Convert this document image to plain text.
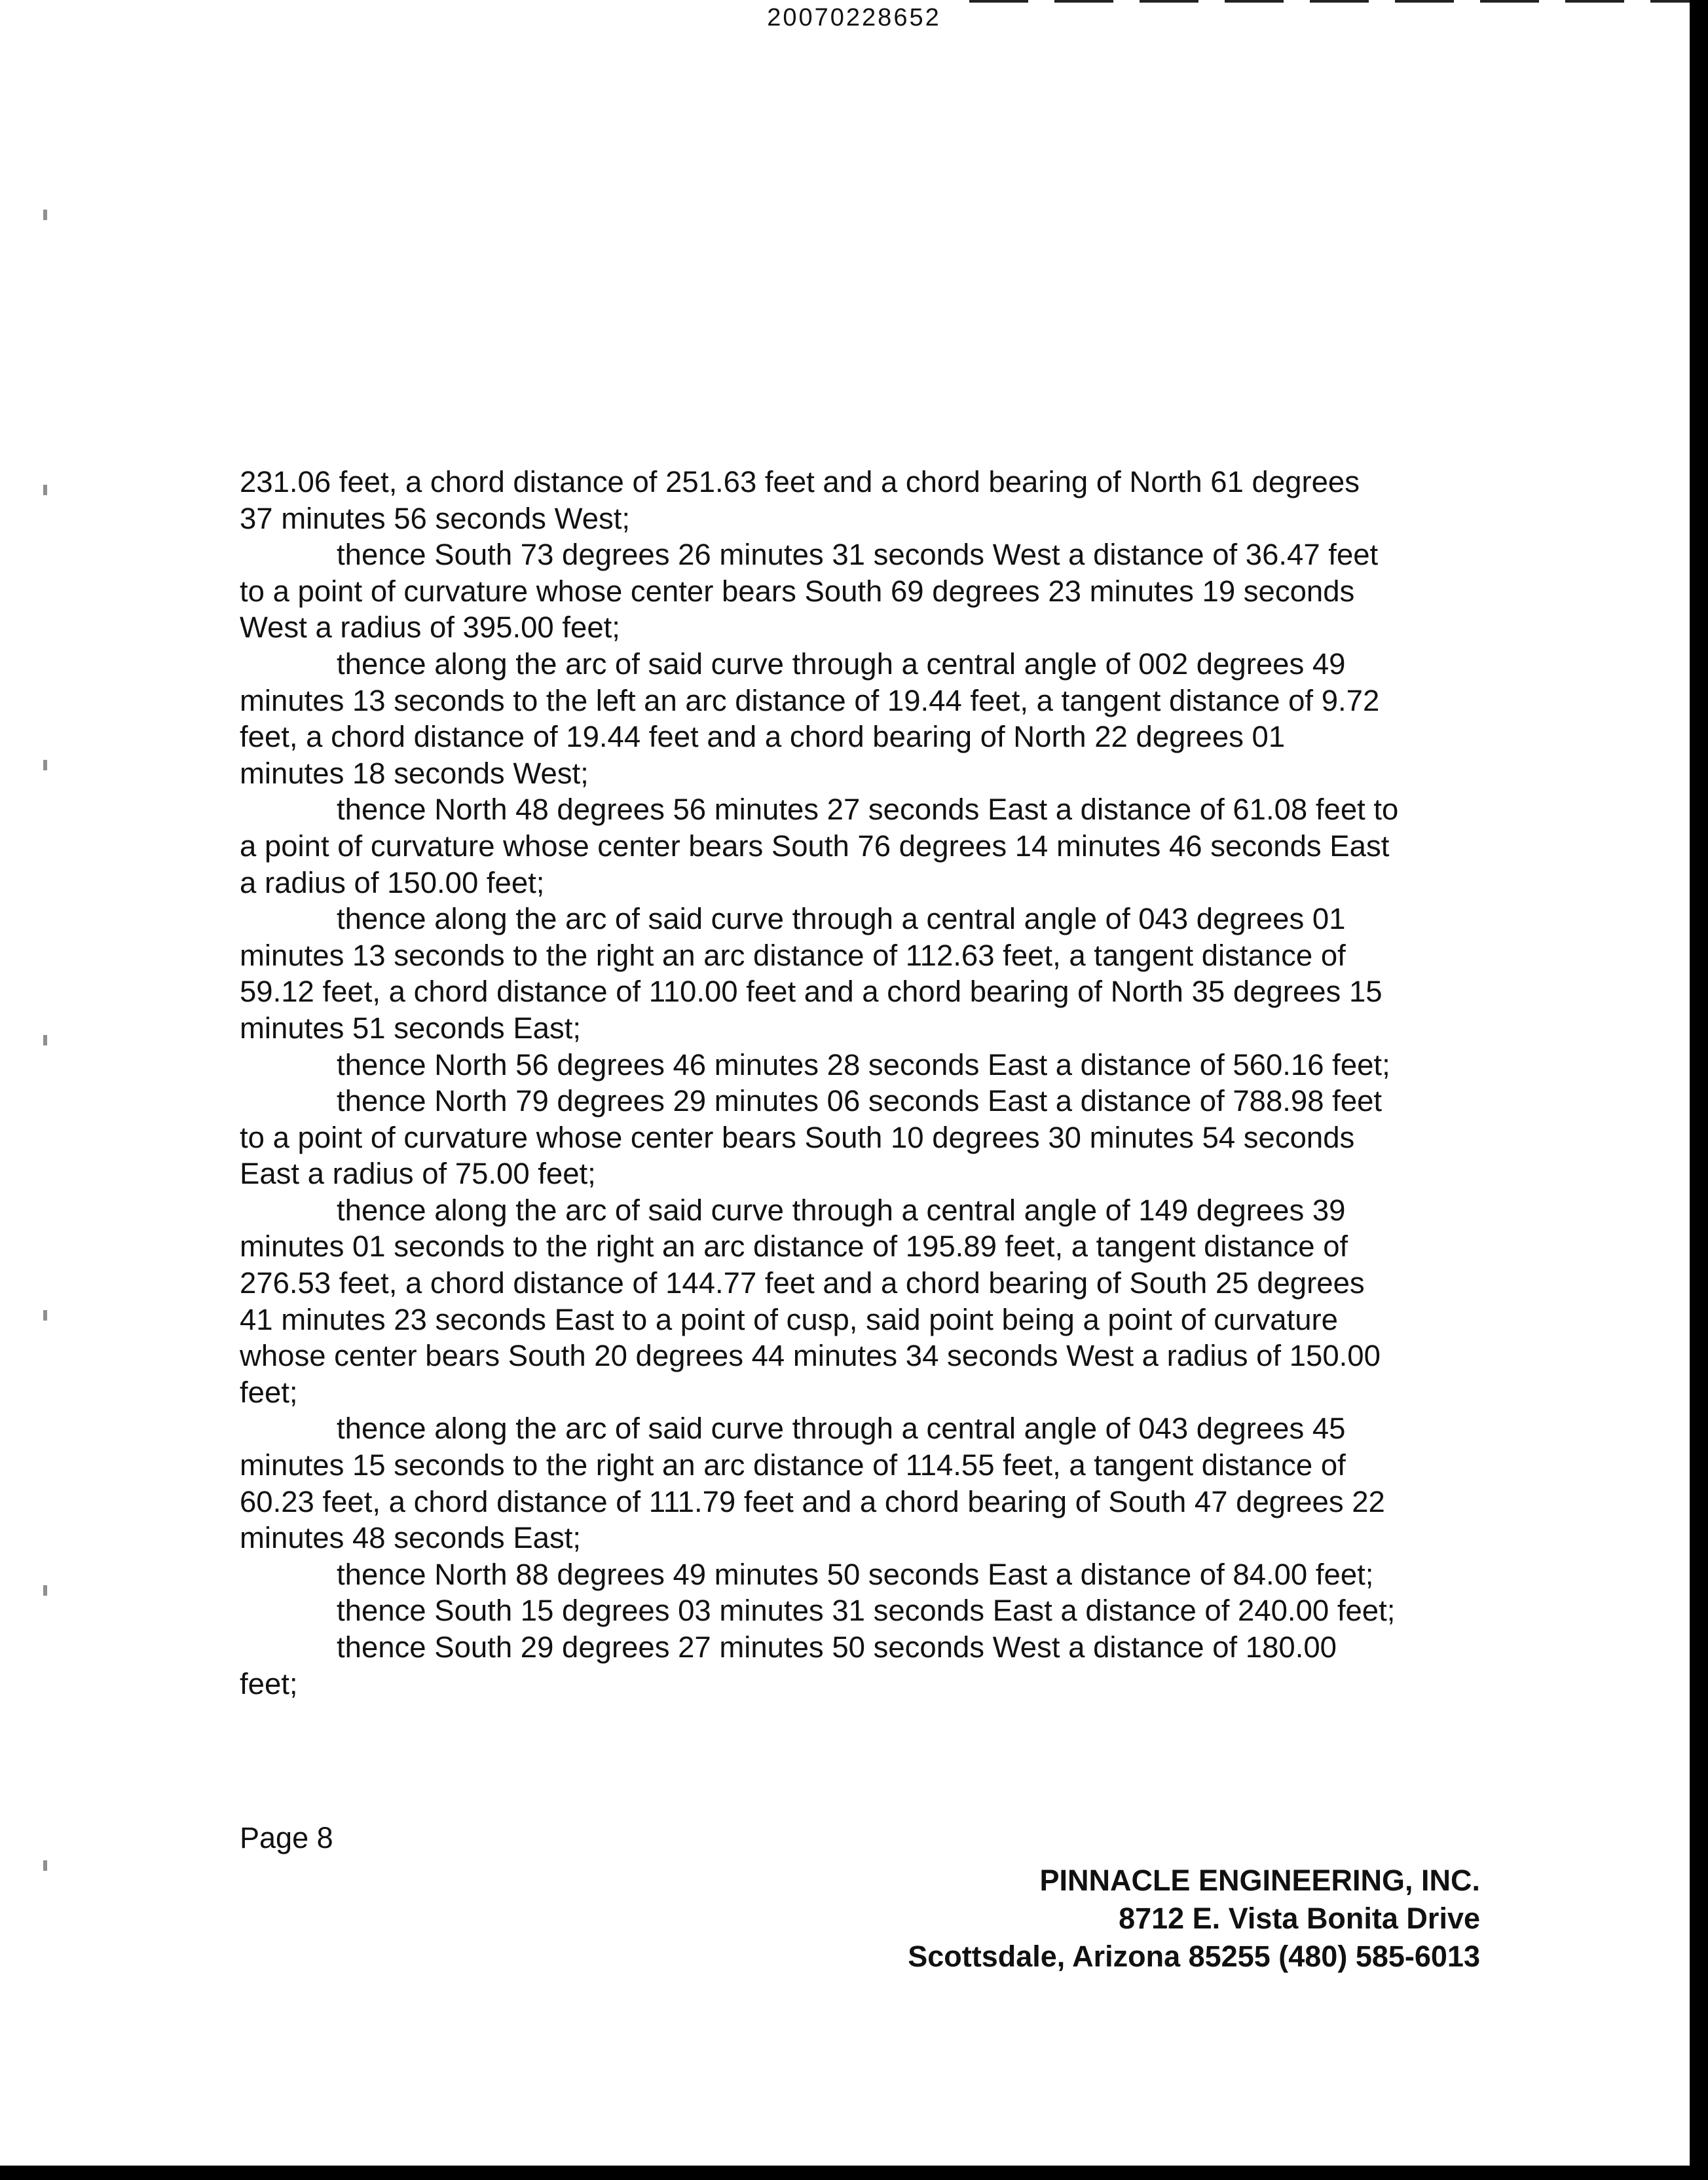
20070228652
231.06 feet, a chord distance of 251.63 feet and a chord bearing of North 61 degrees
37 minutes 56 seconds West;
thence South 73 degrees 26 minutes 31 seconds West a distance of 36.47 feet
to a point of curvature whose center bears South 69 degrees 23 minutes 19 seconds
West a radius of 395.00 feet;
thence along the arc of said curve through a central angle of 002 degrees 49
minutes 13 seconds to the left an arc distance of 19.44 feet, a tangent distance of 9.72
feet, a chord distance of 19.44 feet and a chord bearing of North 22 degrees 01
minutes 18 seconds West;
thence North 48 degrees 56 minutes 27 seconds East a distance of 61.08 feet to
a point of curvature whose center bears South 76 degrees 14 minutes 46 seconds East
a radius of 150.00 feet;
thence along the arc of said curve through a central angle of 043 degrees 01
minutes 13 seconds to the right an arc distance of 112.63 feet, a tangent distance of
59.12 feet, a chord distance of 110.00 feet and a chord bearing of North 35 degrees 15
minutes 51 seconds East;
thence North 56 degrees 46 minutes 28 seconds East a distance of 560.16 feet;
thence North 79 degrees 29 minutes 06 seconds East a distance of 788.98 feet
to a point of curvature whose center bears South 10 degrees 30 minutes 54 seconds
East a radius of 75.00 feet;
thence along the arc of said curve through a central angle of 149 degrees 39
minutes 01 seconds to the right an arc distance of 195.89 feet, a tangent distance of
276.53 feet, a chord distance of 144.77 feet and a chord bearing of South 25 degrees
41 minutes 23 seconds East to a point of cusp, said point being a point of curvature
whose center bears South 20 degrees 44 minutes 34 seconds West a radius of 150.00
feet;
thence along the arc of said curve through a central angle of 043 degrees 45
minutes 15 seconds to the right an arc distance of 114.55 feet, a tangent distance of
60.23 feet, a chord distance of 111.79 feet and a chord bearing of South 47 degrees 22
minutes 48 seconds East;
thence North 88 degrees 49 minutes 50 seconds East a distance of 84.00 feet;
thence South 15 degrees 03 minutes 31 seconds East a distance of 240.00 feet;
thence South 29 degrees 27 minutes 50 seconds West a distance of 180.00
feet;
Page 8
PINNACLE ENGINEERING, INC.
8712 E. Vista Bonita Drive
Scottsdale, Arizona 85255 (480) 585-6013
